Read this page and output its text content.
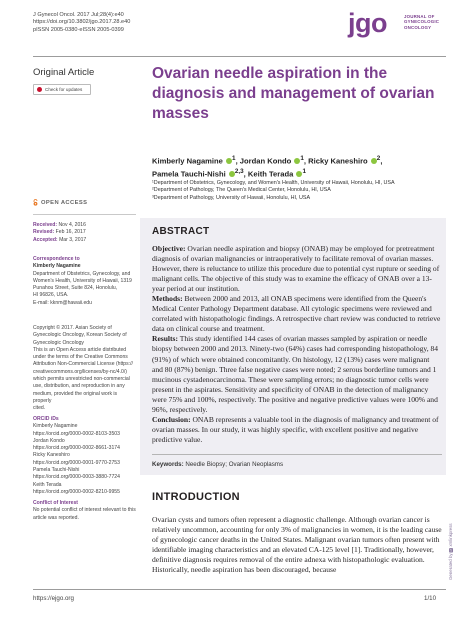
J Gynecol Oncol. 2017 Jul;28(4):e40
https://doi.org/10.3802/jgo.2017.28.e40
pISSN 2005-0380·eISSN 2005-0399	jgo	JOURNAL OF
GYNECOLOGIC
ONCOLOGY
Original Article
Check for updates
OPEN ACCESS
Received: Nov 4, 2016
Revised: Feb 16, 2017
Accepted: Mar 3, 2017
Correspondence to
Kimberly Nagamine
Department of Obstetrics, Gynecology, and
Women's Health, University of Hawaii, 1319
Punahou Street, Suite 824, Honolulu,
HI 96826, USA.
E-mail: kknm@hawaii.edu
Copyright © 2017. Asian Society of
Gynecologic Oncology, Korean Society of
Gynecologic Oncology
This is an Open Access article distributed
under the terms of the Creative Commons
Attribution Non-Commercial License (https://
creativecommons.org/licenses/by-nc/4.0/)
which permits unrestricted non-commercial
use, distribution, and reproduction in any
medium, provided the original work is properly
cited.
ORCID iDs
Kimberly Nagamine
https://orcid.org/0000-0002-8103-3503
Jordan Kondo
https://orcid.org/0000-0002-8661-3174
Ricky Kaneshiro
https://orcid.org/0000-0001-9770-2753
Pamela Tauchi-Nishi
https://orcid.org/0000-0003-3880-7724
Keith Terada
https://orcid.org/0000-0002-8210-9955
Conflict of Interest
No potential conflict of interest relevant to this
article was reported.
Ovarian needle aspiration in the diagnosis and management of ovarian masses
Kimberly Nagamine $^1$, Jordan Kondo $^1$, Ricky Kaneshiro $^2$,
Pamela Tauchi-Nishi $^{2,3}$, Keith Terada $^1$
¹Department of Obstetrics, Gynecology, and Women's Health, University of Hawaii, Honolulu, HI, USA
²Department of Pathology, The Queen's Medical Center, Honolulu, HI, USA
³Department of Pathology, University of Hawaii, Honolulu, HI, USA
ABSTRACT
Objective: Ovarian needle aspiration and biopsy (ONAB) may be employed for pretreatment diagnosis of ovarian malignancies or intraoperatively to facilitate removal of ovarian masses. However, there is reluctance to utilize this procedure due to potential cyst rupture or seeding of malignant cells. The objective of this study was to examine the efficacy of ONAB over a 13-year period at our institution.
Methods: Between 2000 and 2013, all ONAB specimens were identified from the Queen's Medical Center Pathology Department database. All cytologic specimens were reviewed and correlated with histopathologic findings. A retrospective chart review was conducted to retrieve data on clinical course and treatment.
Results: This study identified 144 cases of ovarian masses sampled by aspiration or needle biopsy between 2000 and 2013. Ninety-two (64%) cases had corresponding histopathology, 84 (91%) of which were obtained concomitantly. On histology, 12 (13%) cases were malignant and 80 (87%) benign. Three false negative cases were noted; 2 serous borderline tumors and 1 mucinous cystadenocarcinoma. These were sampling errors; no diagnostic tumor cells were present in the aspirates. Sensitivity and specificity of ONAB in the detection of malignancy were 75% and 100%, respectively. The positive and negative predictive values were 100% and 96%, respectively.
Conclusion: ONAB represents a valuable tool in the diagnosis of malignancy and treatment of ovarian masses. In our study, it was highly specific, with excellent positive and negative predictive value.
Keywords: Needle Biopsy; Ovarian Neoplasms
INTRODUCTION
Ovarian cysts and tumors often represent a diagnostic challenge. Although ovarian cancer is relatively uncommon, accounting for only 3% of malignancies in women, it is the leading cause of gynecologic cancer deaths in the United States. Malignant ovarian tumors often present with identifiable imaging characteristics and an elevated CA-125 level [1]. Traditionally, however, definitive diagnosis requires removal of the entire adnexa with histopathologic evaluation. Historically, needle aspiration has been discouraged, because	Generated by 🆇 xmlinkpress
https://ejgo.org	1/10
